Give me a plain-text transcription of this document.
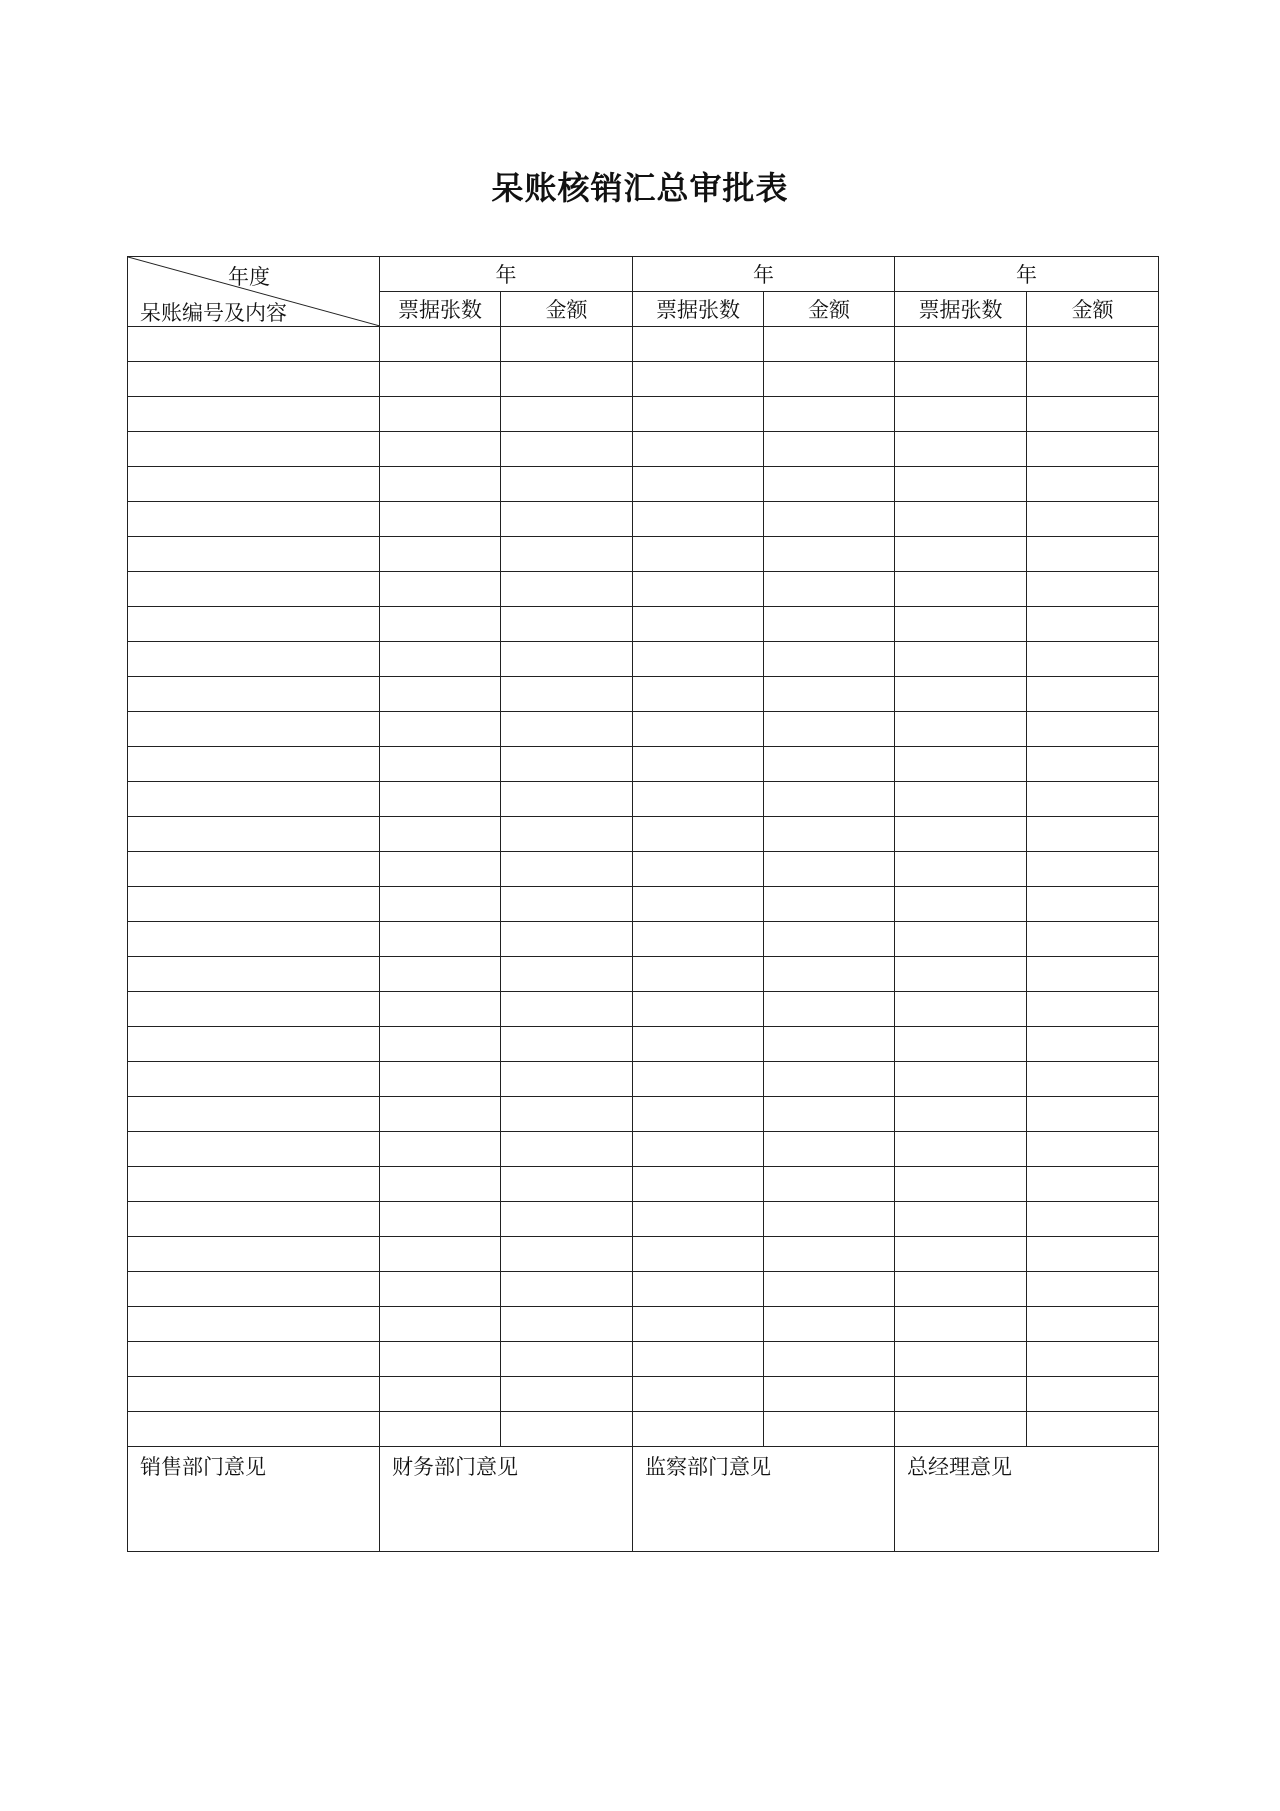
呆账核销汇总审批表
年度
呆账编号及内容	年		年		年	
	票据张数	金额	票据张数	金额	票据张数	金额

销售部门意见	财务部门意见		监察部门意见		总经理意见	
